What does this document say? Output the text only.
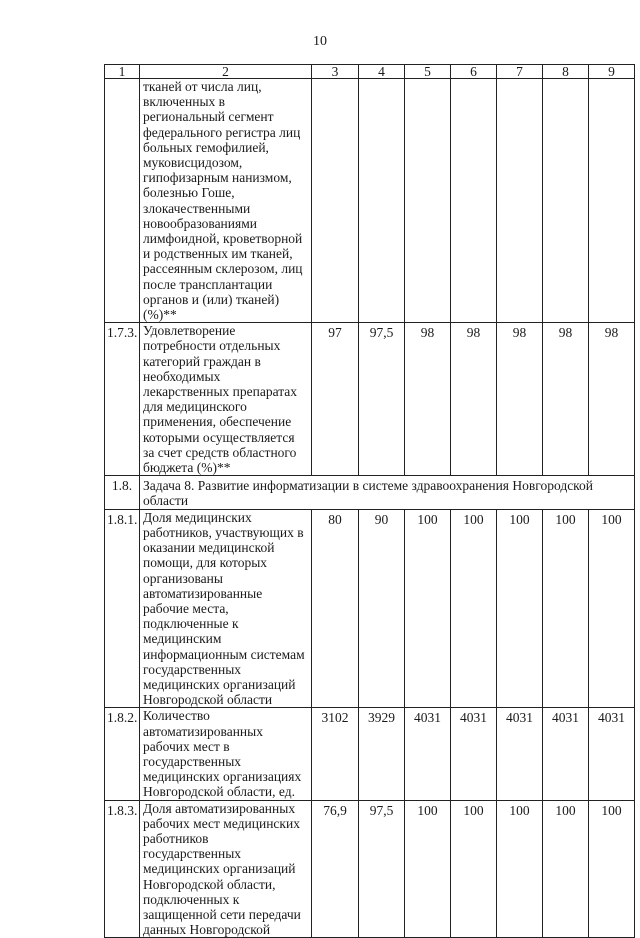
10
1	2	3	4	5	6	7	8	9
	тканей от числа лиц, включенных в региональный сегмент федерального регистра лиц больных гемофилией, муковисцидозом, гипофизарным нанизмом, болезнью Гоше, злокачественными новообразованиями лимфоидной, кроветворной и родственных им тканей, рассеянным склерозом, лиц после трансплантации органов и (или) тканей) (%)**							
1.7.3.	Удовлетворение потребности отдельных категорий граждан в необходимых лекарственных препаратах для медицинского применения, обеспечение которыми осуществляется за счет средств областного бюджета (%)**	97	97,5	98	98	98	98	98
1.8.	Задача 8. Развитие информатизации в системе здравоохранения Новгородской области							
1.8.1.	Доля медицинских работников, участвующих в оказании медицинской помощи, для которых организованы автоматизированные рабочие места, подключенные к медицинским информационным системам государственных медицинских организаций Новгородской области	80	90	100	100	100	100	100
1.8.2.	Количество автоматизированных рабочих мест в государственных медицинских организациях Новгородской области, ед.	3102	3929	4031	4031	4031	4031	4031
1.8.3.	Доля автоматизированных рабочих мест медицинских работников государственных медицинских организаций Новгородской области, подключенных к защищенной сети передачи данных Новгородской	76,9	97,5	100	100	100	100	100
